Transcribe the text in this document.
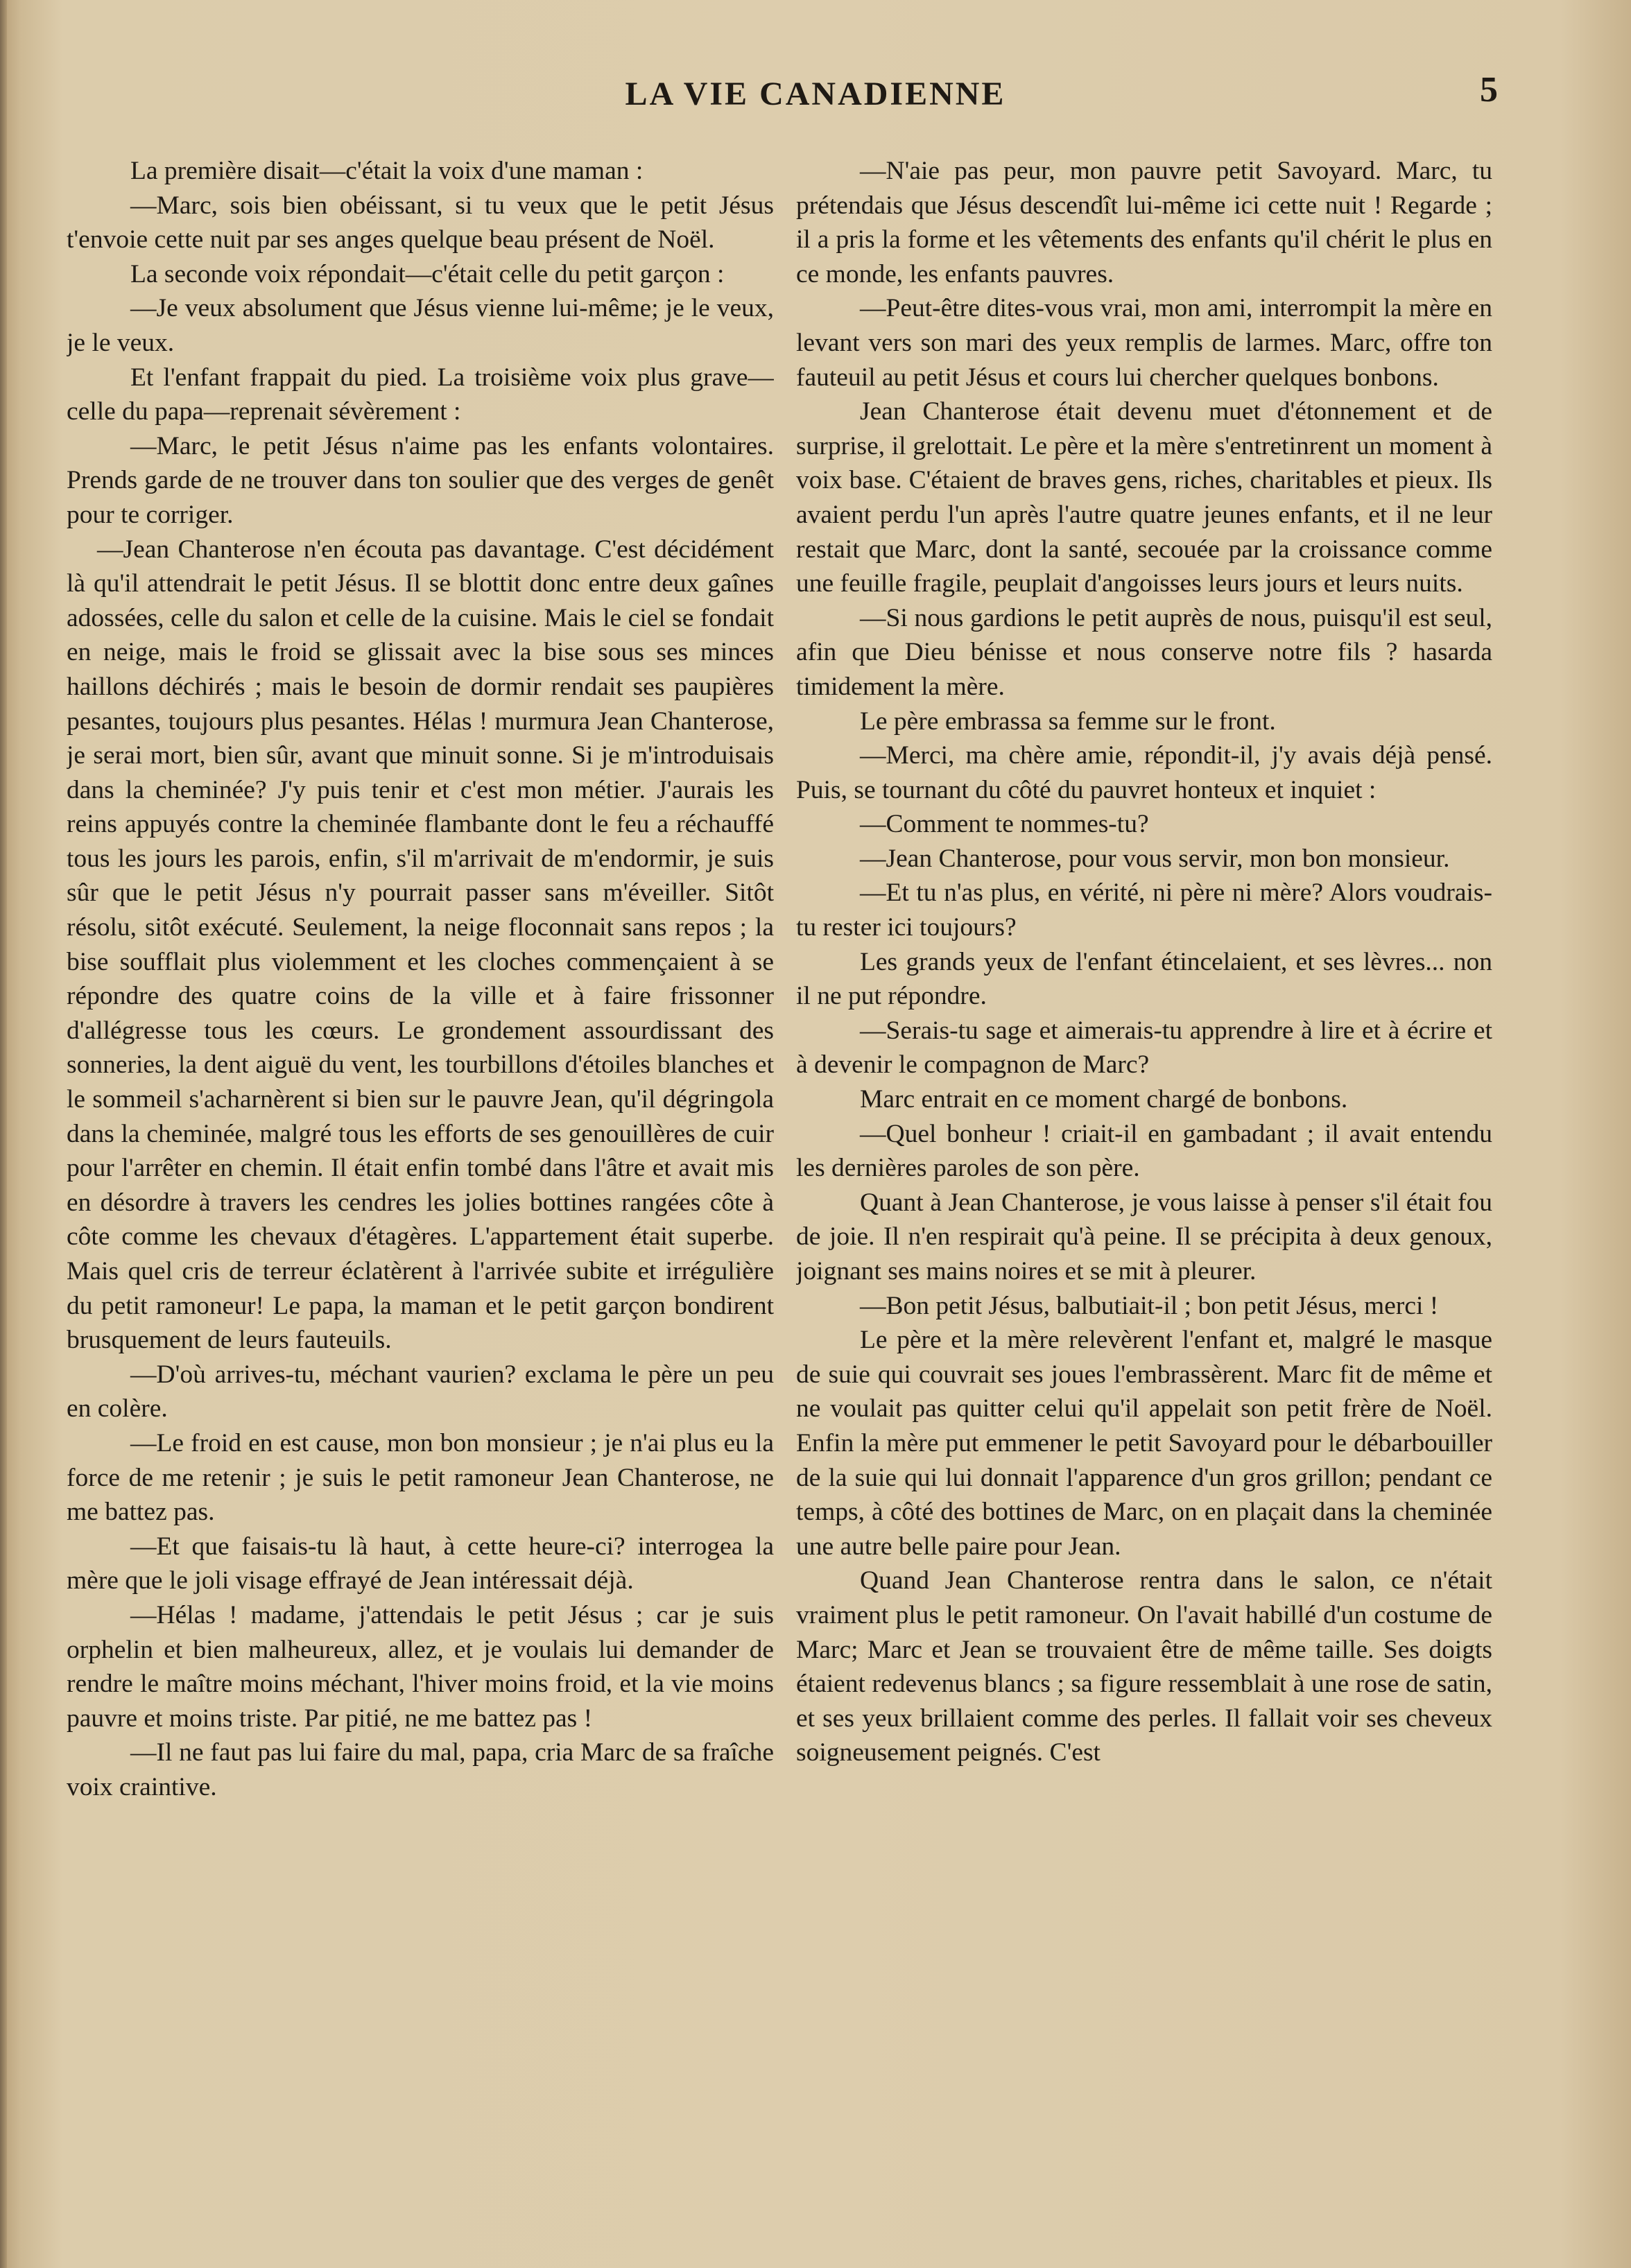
LA VIE CANADIENNE	5

La première disait—c'était la voix d'une maman :

—Marc, sois bien obéissant, si tu veux que le petit Jésus t'envoie cette nuit par ses anges quelque beau présent de Noël.

La seconde voix répondait—c'était celle du petit garçon :

—Je veux absolument que Jésus vienne lui-même; je le veux, je le veux.

Et l'enfant frappait du pied. La troisième voix plus grave—celle du papa—reprenait sévèrement :

—Marc, le petit Jésus n'aime pas les enfants volontaires. Prends garde de ne trouver dans ton soulier que des verges de genêt pour te corriger.

—Jean Chanterose n'en écouta pas davantage. C'est décidément là qu'il attendrait le petit Jésus. Il se blottit donc entre deux gaînes adossées, celle du salon et celle de la cuisine. Mais le ciel se fondait en neige, mais le froid se glissait avec la bise sous ses minces haillons déchirés ; mais le besoin de dormir rendait ses paupières pesantes, toujours plus pesantes. Hélas ! murmura Jean Chanterose, je serai mort, bien sûr, avant que minuit sonne. Si je m'introduisais dans la cheminée? J'y puis tenir et c'est mon métier. J'aurais les reins appuyés contre la cheminée flambante dont le feu a réchauffé tous les jours les parois, enfin, s'il m'arrivait de m'endormir, je suis sûr que le petit Jésus n'y pourrait passer sans m'éveiller. Sitôt résolu, sitôt exécuté. Seulement, la neige floconnait sans repos ; la bise soufflait plus violemment et les cloches commençaient à se répondre des quatre coins de la ville et à faire frissonner d'allégresse tous les cœurs. Le grondement assourdissant des sonneries, la dent aiguë du vent, les tourbillons d'étoiles blanches et le sommeil s'acharnèrent si bien sur le pauvre Jean, qu'il dégringola dans la cheminée, malgré tous les efforts de ses genouillères de cuir pour l'arrêter en chemin. Il était enfin tombé dans l'âtre et avait mis en désordre à travers les cendres les jolies bottines rangées côte à côte comme les chevaux d'étagères. L'appartement était superbe. Mais quel cris de terreur éclatèrent à l'arrivée subite et irrégulière du petit ramoneur! Le papa, la maman et le petit garçon bondirent brusquement de leurs fauteuils.

—D'où arrives-tu, méchant vaurien? exclama le père un peu en colère.

—Le froid en est cause, mon bon monsieur ; je n'ai plus eu la force de me retenir ; je suis le petit ramoneur Jean Chanterose, ne me battez pas.

—Et que faisais-tu là haut, à cette heure-ci? interrogea la mère que le joli visage effrayé de Jean intéressait déjà.

—Hélas ! madame, j'attendais le petit Jésus ; car je suis orphelin et bien malheureux, allez, et je voulais lui demander de rendre le maître moins méchant, l'hiver moins froid, et la vie moins pauvre et moins triste. Par pitié, ne me battez pas !

—Il ne faut pas lui faire du mal, papa, cria Marc de sa fraîche voix craintive.

—N'aie pas peur, mon pauvre petit Savoyard. Marc, tu prétendais que Jésus descendît lui-même ici cette nuit ! Regarde ; il a pris la forme et les vêtements des enfants qu'il chérit le plus en ce monde, les enfants pauvres.

—Peut-être dites-vous vrai, mon ami, interrompit la mère en levant vers son mari des yeux remplis de larmes. Marc, offre ton fauteuil au petit Jésus et cours lui chercher quelques bonbons.

Jean Chanterose était devenu muet d'étonnement et de surprise, il grelottait. Le père et la mère s'entretinrent un moment à voix base. C'étaient de braves gens, riches, charitables et pieux. Ils avaient perdu l'un après l'autre quatre jeunes enfants, et il ne leur restait que Marc, dont la santé, secouée par la croissance comme une feuille fragile, peuplait d'angoisses leurs jours et leurs nuits.

—Si nous gardions le petit auprès de nous, puisqu'il est seul, afin que Dieu bénisse et nous conserve notre fils ? hasarda timidement la mère.

Le père embrassa sa femme sur le front.

—Merci, ma chère amie, répondit-il, j'y avais déjà pensé. Puis, se tournant du côté du pauvret honteux et inquiet :

—Comment te nommes-tu?

—Jean Chanterose, pour vous servir, mon bon monsieur.

—Et tu n'as plus, en vérité, ni père ni mère? Alors voudrais-tu rester ici toujours?

Les grands yeux de l'enfant étincelaient, et ses lèvres... non il ne put répondre.

—Serais-tu sage et aimerais-tu apprendre à lire et à écrire et à devenir le compagnon de Marc?

Marc entrait en ce moment chargé de bonbons.

—Quel bonheur ! criait-il en gambadant ; il avait entendu les dernières paroles de son père.

Quant à Jean Chanterose, je vous laisse à penser s'il était fou de joie. Il n'en respirait qu'à peine. Il se précipita à deux genoux, joignant ses mains noires et se mit à pleurer.

—Bon petit Jésus, balbutiait-il ; bon petit Jésus, merci !

Le père et la mère relevèrent l'enfant et, malgré le masque de suie qui couvrait ses joues l'embrassèrent. Marc fit de même et ne voulait pas quitter celui qu'il appelait son petit frère de Noël. Enfin la mère put emmener le petit Savoyard pour le débarbouiller de la suie qui lui donnait l'apparence d'un gros grillon; pendant ce temps, à côté des bottines de Marc, on en plaçait dans la cheminée une autre belle paire pour Jean.

Quand Jean Chanterose rentra dans le salon, ce n'était vraiment plus le petit ramoneur. On l'avait habillé d'un costume de Marc; Marc et Jean se trouvaient être de même taille. Ses doigts étaient redevenus blancs ; sa figure ressemblait à une rose de satin, et ses yeux brillaient comme des perles. Il fallait voir ses cheveux soigneusement peignés. C'est
